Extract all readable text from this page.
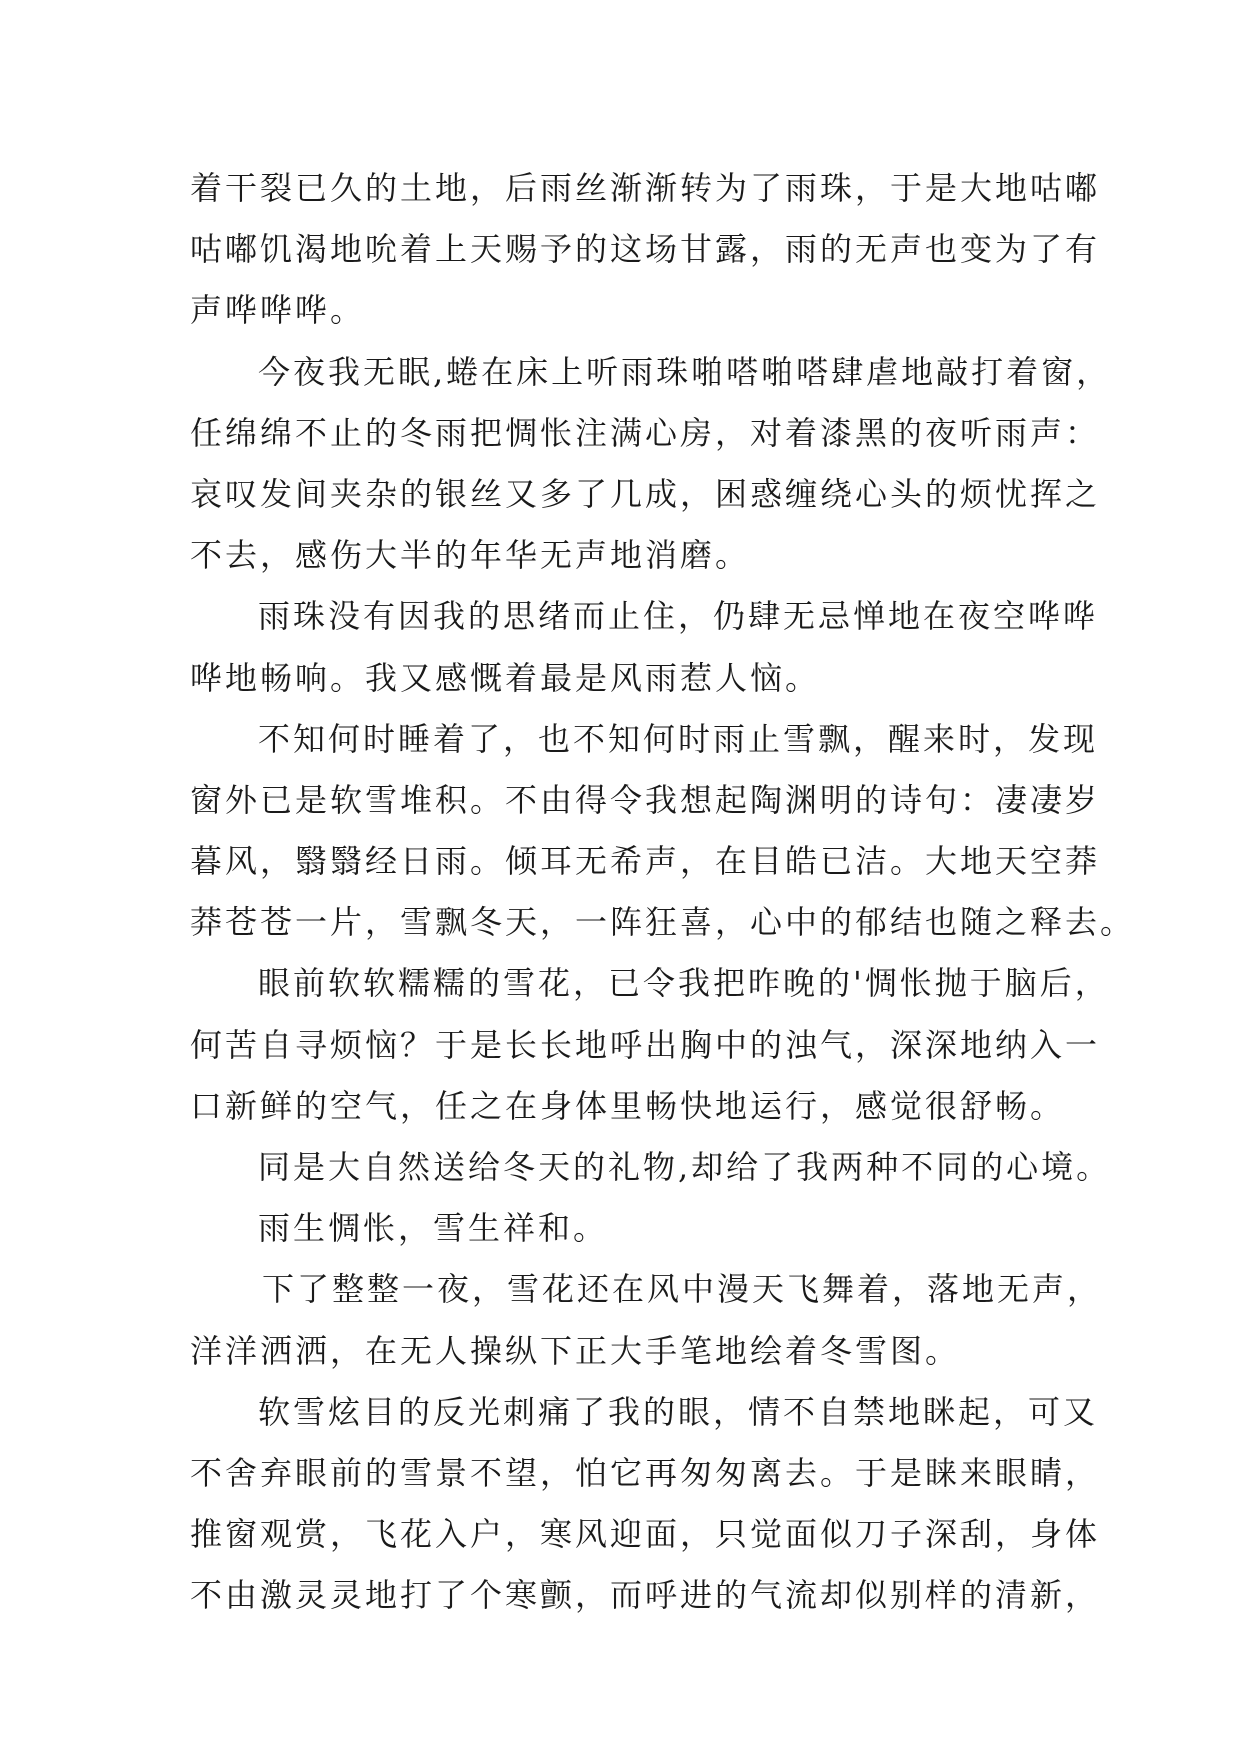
着干裂已久的土地，后雨丝渐渐转为了雨珠，于是大地咕嘟
咕嘟饥渴地吮着上天赐予的这场甘露，雨的无声也变为了有
声哗哗哗。
今夜我无眠,蜷在床上听雨珠啪嗒啪嗒肆虐地敲打着窗，
任绵绵不止的冬雨把惆怅注满心房，对着漆黑的夜听雨声：
哀叹发间夹杂的银丝又多了几成，困惑缠绕心头的烦忧挥之
不去，感伤大半的年华无声地消磨。
雨珠没有因我的思绪而止住，仍肆无忌惮地在夜空哗哗
哗地畅响。我又感慨着最是风雨惹人恼。
不知何时睡着了，也不知何时雨止雪飘，醒来时，发现
窗外已是软雪堆积。不由得令我想起陶渊明的诗句：凄凄岁
暮风，翳翳经日雨。倾耳无希声，在目皓已洁。大地天空莽
莽苍苍一片，雪飘冬天，一阵狂喜，心中的郁结也随之释去。
眼前软软糯糯的雪花，已令我把昨晚的'惆怅抛于脑后，
何苦自寻烦恼？于是长长地呼出胸中的浊气，深深地纳入一
口新鲜的空气，任之在身体里畅快地运行，感觉很舒畅。
同是大自然送给冬天的礼物,却给了我两种不同的心境。
雨生惆怅，雪生祥和。
下了整整一夜，雪花还在风中漫天飞舞着，落地无声，
洋洋洒洒，在无人操纵下正大手笔地绘着冬雪图。
软雪炫目的反光刺痛了我的眼，情不自禁地眯起，可又
不舍弃眼前的雪景不望，怕它再匆匆离去。于是睐来眼睛，
推窗观赏，飞花入户，寒风迎面，只觉面似刀子深刮，身体
不由激灵灵地打了个寒颤，而呼进的气流却似别样的清新，
